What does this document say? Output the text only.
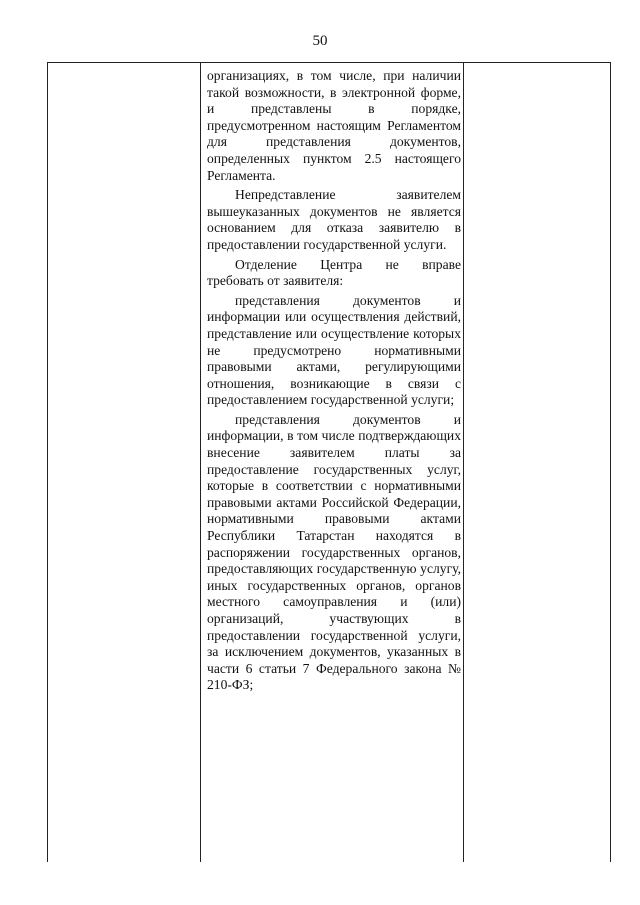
50

организациях, в том числе, при наличии такой возможности, в электронной форме, и представлены в порядке, предусмотренном настоящим Регламентом для представления документов, определенных пунктом 2.5 настоящего Регламента.

Непредставление заявителем вышеуказанных документов не является основанием для отказа заявителю в предоставлении государственной услуги.

Отделение Центра не вправе требовать от заявителя:

представления документов и информации или осуществления действий, представление или осуществление которых не предусмотрено нормативными правовыми актами, регулирующими отношения, возникающие в связи с предоставлением государственной услуги;

представления документов и информации, в том числе подтверждающих внесение заявителем платы за предоставление государственных услуг, которые в соответствии с нормативными правовыми актами Российской Федерации, нормативными правовыми актами Республики Татарстан находятся в распоряжении государственных органов, предоставляющих государственную услугу, иных государственных органов, органов местного самоуправления и (или) организаций, участвующих в предоставлении государственной услуги, за исключением документов, указанных в части 6 статьи 7 Федерального закона № 210-ФЗ;
